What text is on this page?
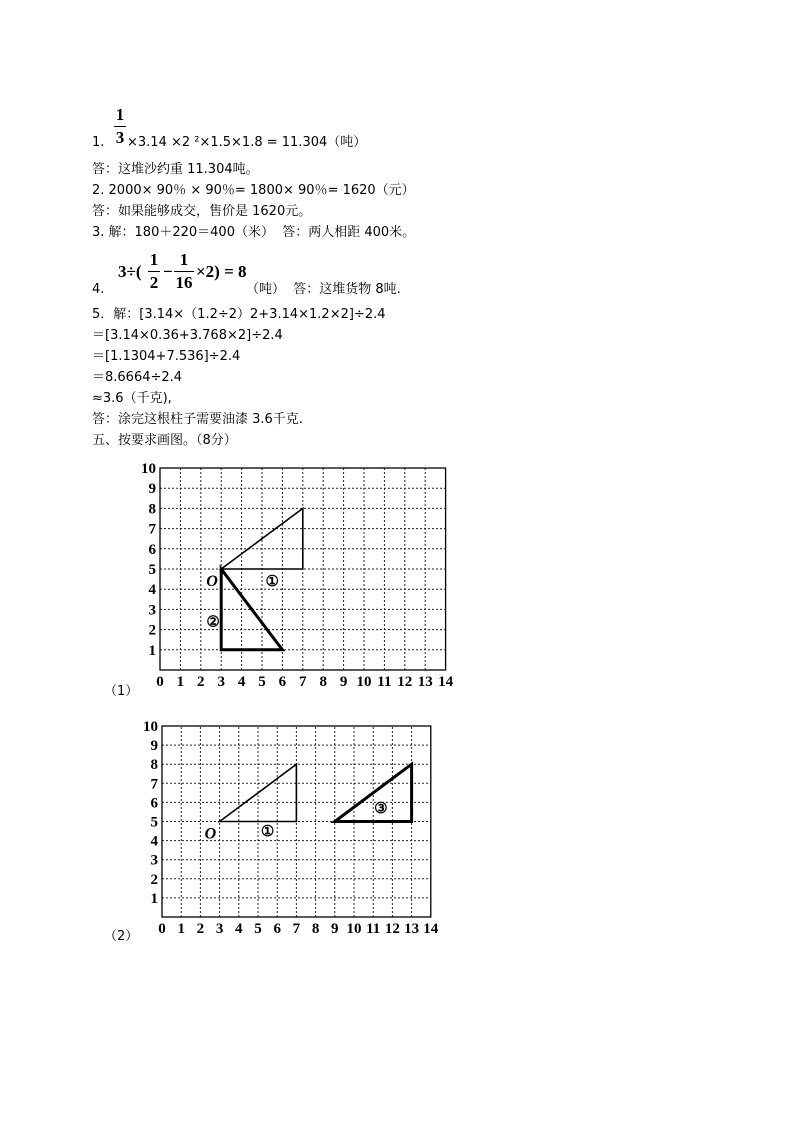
1
3
1. ×3.14 ×2 ²×1.5×1.8 = 11.304（吨）
答：这堆沙约重 11.304吨。
2. 2000× 90％ × 90％= 1800× 90％= 1620（元）
答：如果能够成交，售价是 1620元。
3. 解：180＋220＝400（米）  答：两人相距 400米。
4.
3÷(
1
2
−
1
16
×2) = 8
（吨）  答：这堆货物 8吨.
5．解：[3.14×（1.2÷2）2+3.14×1.2×2]÷2.4
＝[3.14×0.36+3.768×2]÷2.4
＝[1.1304+7.536]÷2.4
＝8.6664÷2.4
≈3.6（千克),
答：涂完这根柱子需要油漆 3.6千克.
五、按要求画图。（8分）
0 1 2 3 4 5 6 7 8 9 10 11 12 13 14
1
2
3
4
5
6
7
8
9
10
O	①
②
（1）
0 1 2 3 4 5 6 7 8 9 10 11 12 13 14
1
2
3
4
5
6
7
8
9
10
O	①
③
（2）
